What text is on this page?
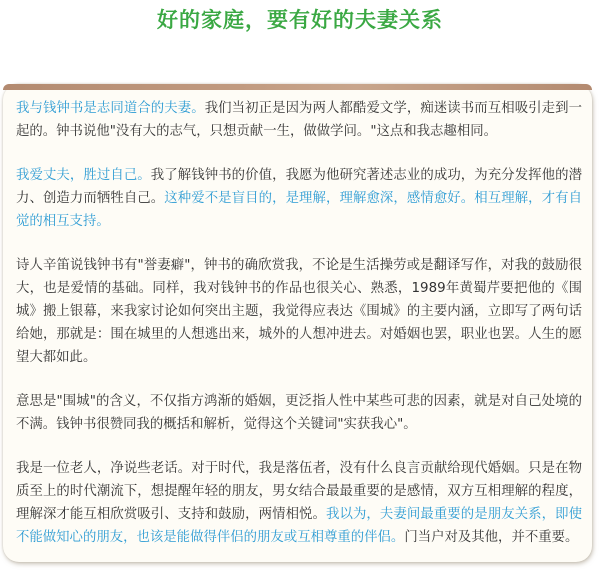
好的家庭，要有好的夫妻关系

我与钱钟书是志同道合的夫妻。我们当初正是因为两人都酷爱文学，痴迷读书而互相吸引走到一起的。钟书说他"没有大的志气，只想贡献一生，做做学问。"这点和我志趣相同。

我爱丈夫，胜过自己。我了解钱钟书的价值，我愿为他研究著述志业的成功，为充分发挥他的潜力、创造力而牺牲自己。这种爱不是盲目的，是理解，理解愈深，感情愈好。相互理解，才有自觉的相互支持。

诗人辛笛说钱钟书有"誉妻癖"，钟书的确欣赏我，不论是生活操劳或是翻译写作，对我的鼓励很大，也是爱情的基础。同样，我对钱钟书的作品也很关心、熟悉，1989年黄蜀芹要把他的《围城》搬上银幕，来我家讨论如何突出主题，我觉得应表达《围城》的主要内涵，立即写了两句话给她，那就是：围在城里的人想逃出来，城外的人想冲进去。对婚姻也罢，职业也罢。人生的愿望大都如此。

意思是"围城"的含义，不仅指方鸿渐的婚姻，更泛指人性中某些可悲的因素，就是对自己处境的不满。钱钟书很赞同我的概括和解析，觉得这个关键词"实获我心"。

我是一位老人，净说些老话。对于时代，我是落伍者，没有什么良言贡献给现代婚姻。只是在物质至上的时代潮流下，想提醒年轻的朋友，男女结合最最重要的是感情，双方互相理解的程度，理解深才能互相欣赏吸引、支持和鼓励，两情相悦。我以为，夫妻间最重要的是朋友关系，即使不能做知心的朋友，也该是能做得伴侣的朋友或互相尊重的伴侣。门当户对及其他，并不重要。
